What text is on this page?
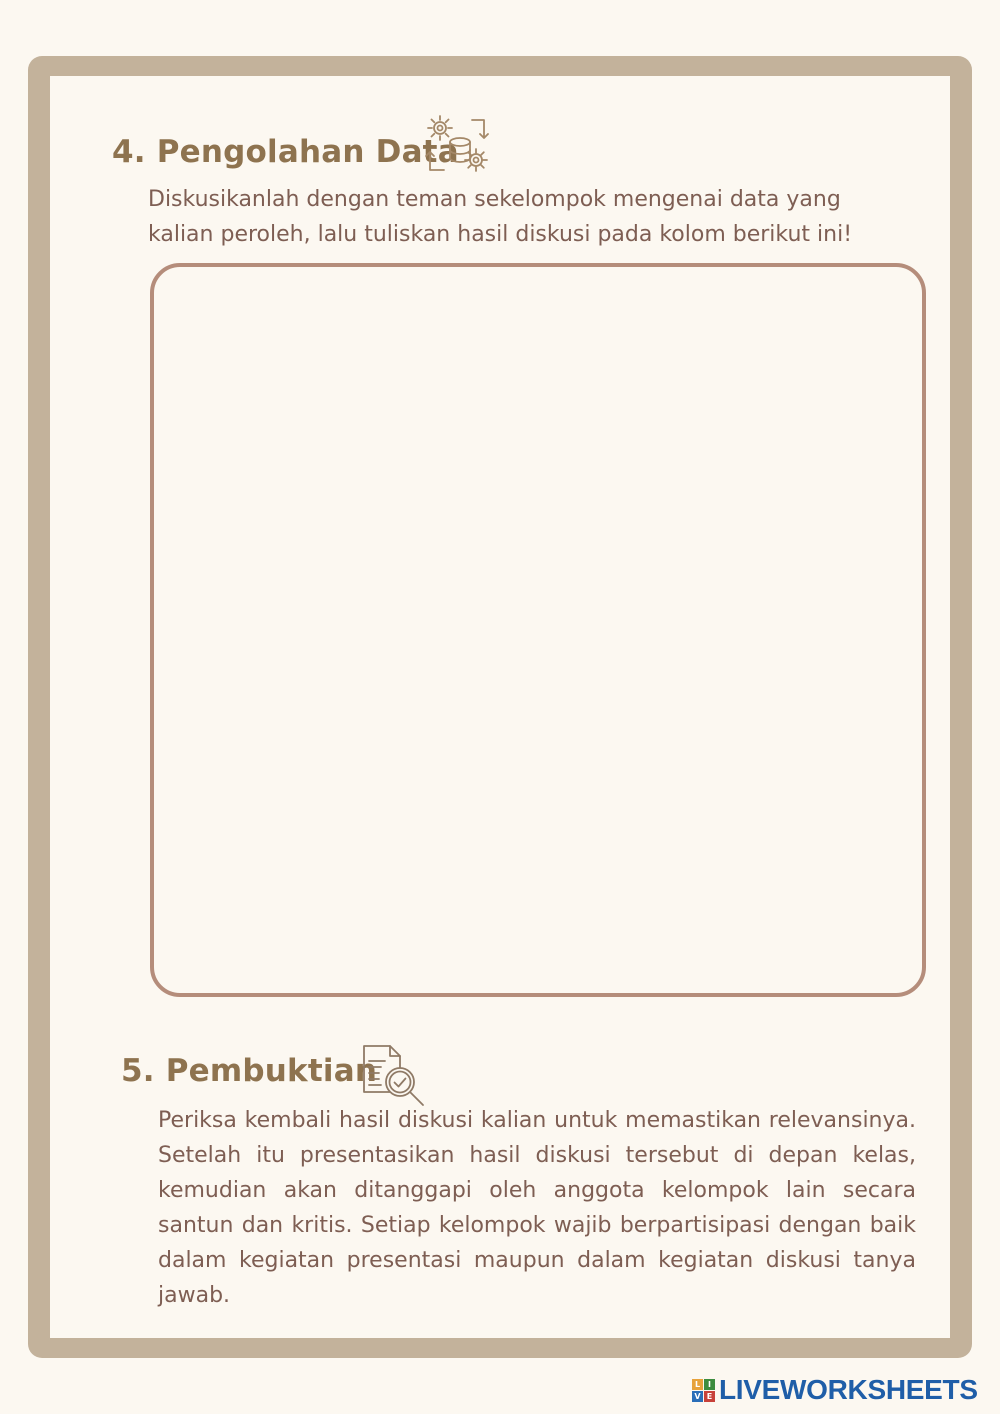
4. Pengolahan Data
Diskusikanlah dengan teman sekelompok mengenai data yang
kalian peroleh, lalu tuliskan hasil diskusi pada kolom berikut ini!
5. Pembuktian
Periksa kembali hasil diskusi kalian untuk memastikan relevansinya. Setelah itu presentasikan hasil diskusi tersebut di depan kelas, kemudian akan ditanggapi oleh anggota kelompok lain secara santun dan kritis. Setiap kelompok wajib berpartisipasi dengan baik dalam kegiatan presentasi maupun dalam kegiatan diskusi tanya jawab.
L I
V E LIVEWORKSHEETS
